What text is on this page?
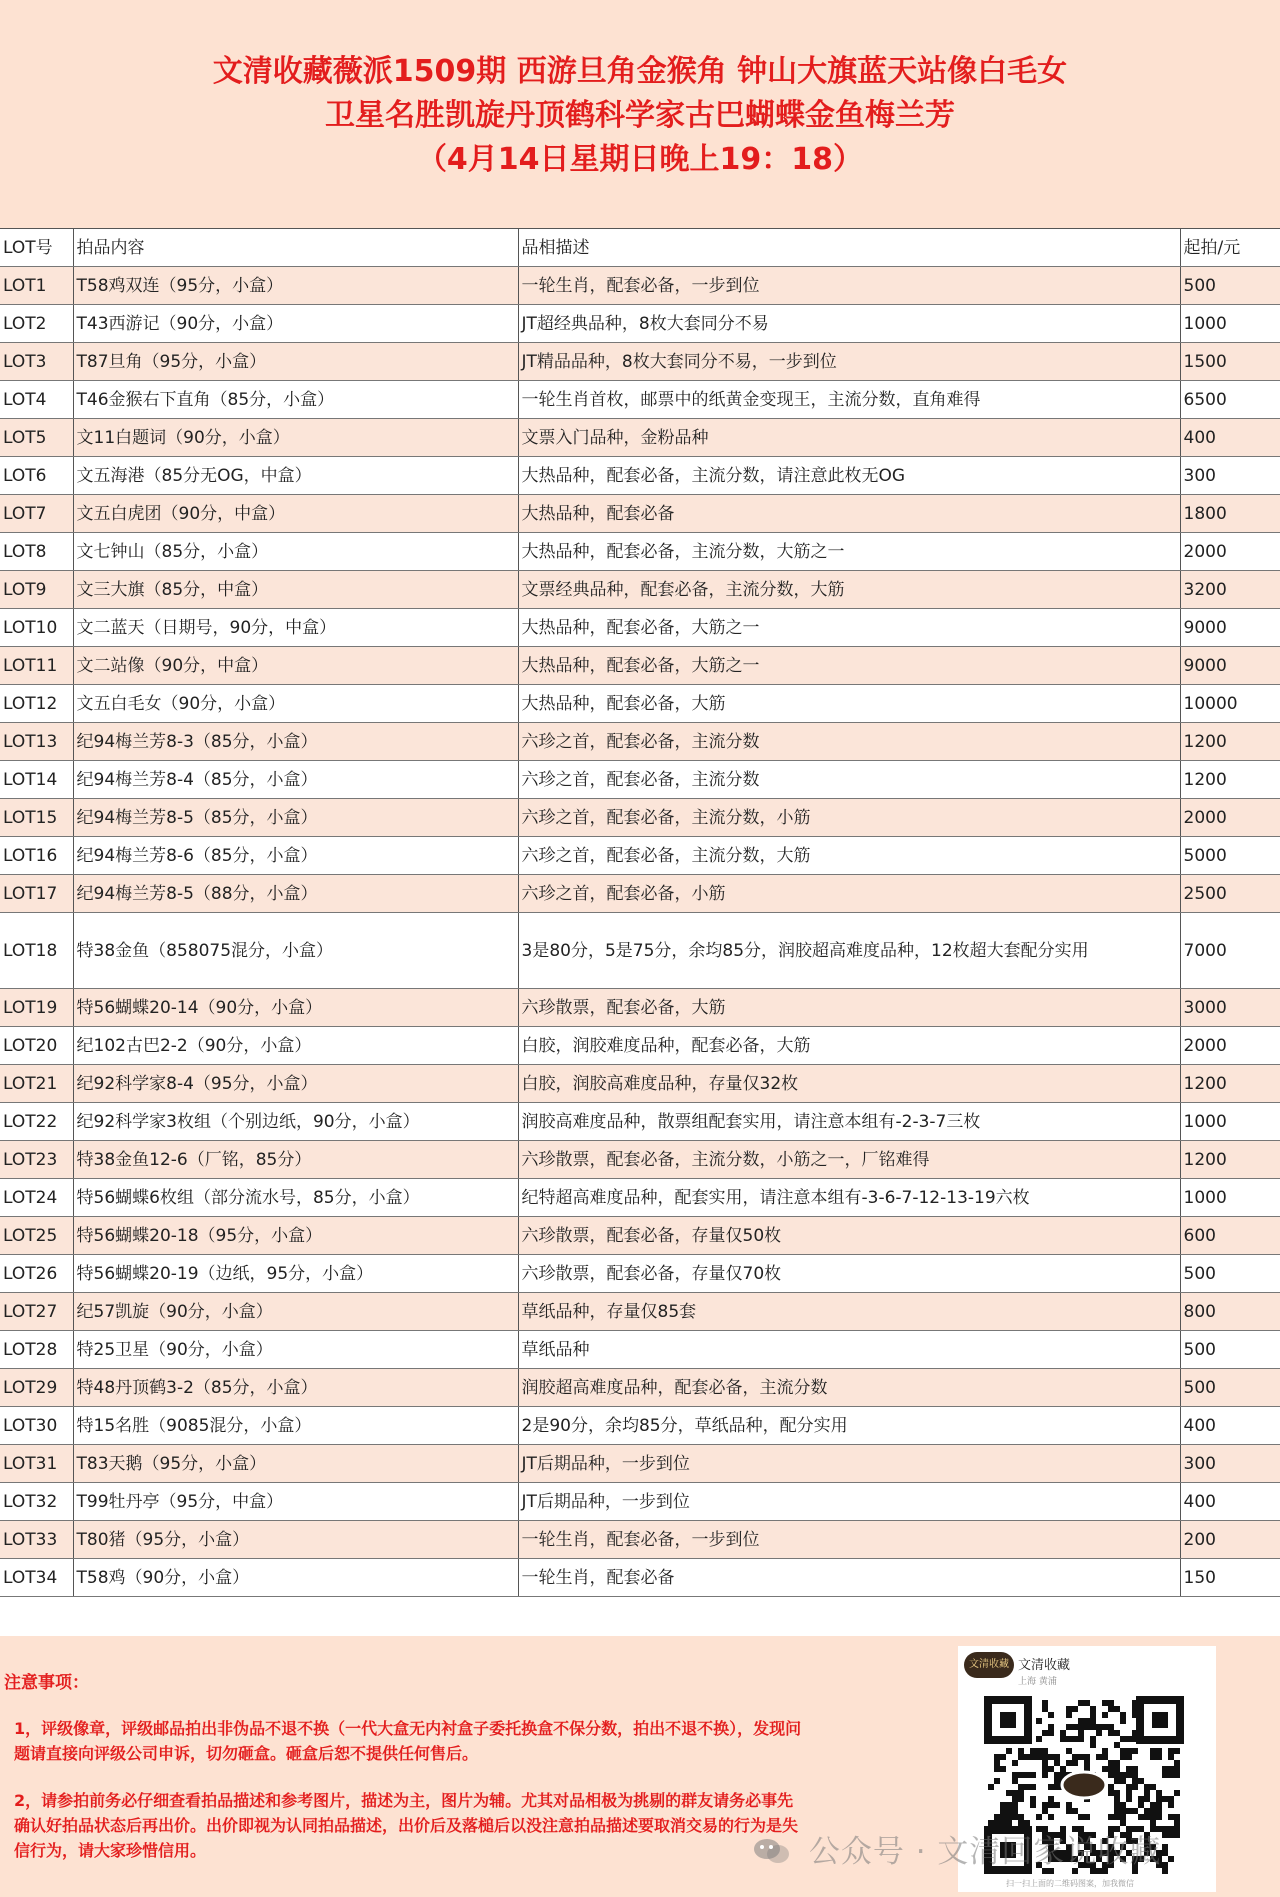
文清收藏薇派1509期 西游旦角金猴角 钟山大旗蓝天站像白毛女
卫星名胜凯旋丹顶鹤科学家古巴蝴蝶金鱼梅兰芳
（4月14日星期日晚上19：18）
LOT号	拍品内容	品相描述	起拍/元
LOT1	T58鸡双连（95分，小盒）	一轮生肖，配套必备，一步到位	500
LOT2	T43西游记（90分，小盒）	JT超经典品种，8枚大套同分不易	1000
LOT3	T87旦角（95分，小盒）	JT精品品种，8枚大套同分不易，一步到位	1500
LOT4	T46金猴右下直角（85分，小盒）	一轮生肖首枚，邮票中的纸黄金变现王，主流分数，直角难得	6500
LOT5	文11白题词（90分，小盒）	文票入门品种，金粉品种	400
LOT6	文五海港（85分无OG，中盒）	大热品种，配套必备，主流分数，请注意此枚无OG	300
LOT7	文五白虎团（90分，中盒）	大热品种，配套必备	1800
LOT8	文七钟山（85分，小盒）	大热品种，配套必备，主流分数，大筋之一	2000
LOT9	文三大旗（85分，中盒）	文票经典品种，配套必备，主流分数，大筋	3200
LOT10	文二蓝天（日期号，90分，中盒）	大热品种，配套必备，大筋之一	9000
LOT11	文二站像（90分，中盒）	大热品种，配套必备，大筋之一	9000
LOT12	文五白毛女（90分，小盒）	大热品种，配套必备，大筋	10000
LOT13	纪94梅兰芳8-3（85分，小盒）	六珍之首，配套必备，主流分数	1200
LOT14	纪94梅兰芳8-4（85分，小盒）	六珍之首，配套必备，主流分数	1200
LOT15	纪94梅兰芳8-5（85分，小盒）	六珍之首，配套必备，主流分数，小筋	2000
LOT16	纪94梅兰芳8-6（85分，小盒）	六珍之首，配套必备，主流分数，大筋	5000
LOT17	纪94梅兰芳8-5（88分，小盒）	六珍之首，配套必备，小筋	2500
LOT18	特38金鱼（858075混分，小盒）	3是80分，5是75分，余均85分，润胶超高难度品种，12枚超大套配分实用	7000
LOT19	特56蝴蝶20-14（90分，小盒）	六珍散票，配套必备，大筋	3000
LOT20	纪102古巴2-2（90分，小盒）	白胶，润胶难度品种，配套必备，大筋	2000
LOT21	纪92科学家8-4（95分，小盒）	白胶，润胶高难度品种，存量仅32枚	1200
LOT22	纪92科学家3枚组（个别边纸，90分，小盒）	润胶高难度品种，散票组配套实用，请注意本组有-2-3-7三枚	1000
LOT23	特38金鱼12-6（厂铭，85分）	六珍散票，配套必备，主流分数，小筋之一，厂铭难得	1200
LOT24	特56蝴蝶6枚组（部分流水号，85分，小盒）	纪特超高难度品种，配套实用，请注意本组有-3-6-7-12-13-19六枚	1000
LOT25	特56蝴蝶20-18（95分，小盒）	六珍散票，配套必备，存量仅50枚	600
LOT26	特56蝴蝶20-19（边纸，95分，小盒）	六珍散票，配套必备，存量仅70枚	500
LOT27	纪57凯旋（90分，小盒）	草纸品种，存量仅85套	800
LOT28	特25卫星（90分，小盒）	草纸品种	500
LOT29	特48丹顶鹤3-2（85分，小盒）	润胶超高难度品种，配套必备，主流分数	500
LOT30	特15名胜（9085混分，小盒）	2是90分，余均85分，草纸品种，配分实用	400
LOT31	T83天鹅（95分，小盒）	JT后期品种，一步到位	300
LOT32	T99牡丹亭（95分，中盒）	JT后期品种，一步到位	400
LOT33	T80猪（95分，小盒）	一轮生肖，配套必备，一步到位	200
LOT34	T58鸡（90分，小盒）	一轮生肖，配套必备	150
注意事项：
1，评级像章，评级邮品拍出非伪品不退不换（一代大盒无内衬盒子委托换盒不保分数，拍出不退不换），发现问题请直接向评级公司申诉，切勿砸盒。砸盒后恕不提供任何售后。
2，请参拍前务必仔细查看拍品描述和参考图片，描述为主，图片为辅。尤其对品相极为挑剔的群友请务必事先确认好拍品状态后再出价。出价即视为认同拍品描述，出价后及落槌后以没注意拍品描述要取消交易的行为是失信行为，请大家珍惜信用。
文清收藏 文清收藏
上海 黄浦
扫一扫上面的二维码图案，加我微信
公众号 · 文清回家说收藏
